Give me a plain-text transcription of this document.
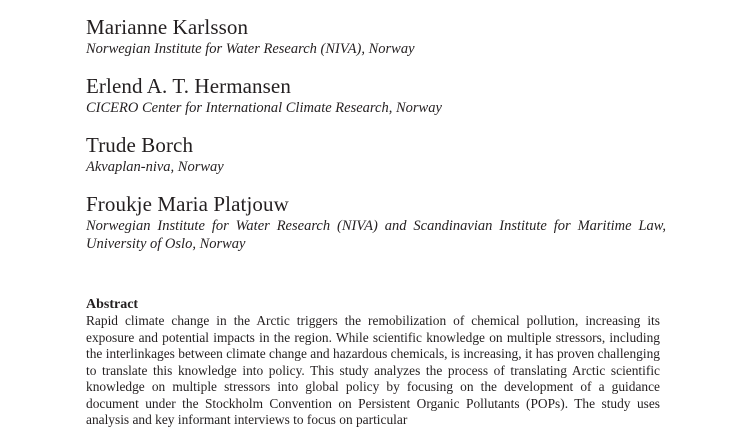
Marianne Karlsson

Norwegian Institute for Water Research (NIVA), Norway

Erlend A. T. Hermansen

CICERO Center for International Climate Research, Norway

Trude Borch

Akvaplan-niva, Norway

Froukje Maria Platjouw

Norwegian Institute for Water Research (NIVA) and Scandinavian Institute for Maritime Law, University of Oslo, Norway

Abstract

Rapid climate change in the Arctic triggers the remobilization of chemical pollution, increasing its exposure and potential impacts in the region. While scientific knowledge on multiple stressors, including the interlinkages between climate change and hazardous chemicals, is increasing, it has proven challenging to translate this knowledge into policy. This study analyzes the process of translating Arctic scientific knowledge on multiple stressors into global policy by focusing on the development of a guidance document under the Stockholm Convention on Persistent Organic Pollutants (POPs). The study uses analysis and key informant interviews to focus on particular
